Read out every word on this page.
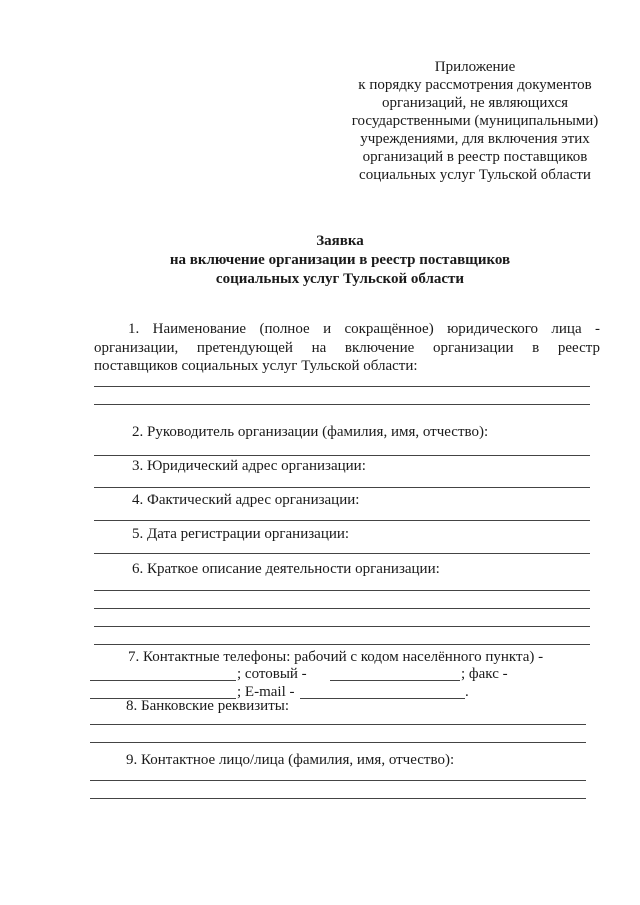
Приложение
к порядку рассмотрения документов
организаций, не являющихся
государственными (муниципальными)
учреждениями, для включения этих
организаций в реестр поставщиков
социальных услуг Тульской области
Заявка
на включение организации в реестр поставщиков
социальных услуг Тульской области
1. Наименование (полное и сокращённое) юридического лица -
организации, претендующей на включение организации в реестр
поставщиков социальных услуг Тульской области:
2. Руководитель организации (фамилия, имя, отчество):
3. Юридический адрес организации:
4. Фактический адрес организации:
5. Дата регистрации организации:
6. Краткое описание деятельности организации:
7. Контактные телефоны: рабочий с кодом населённого пункта) -
; сотовый -	; факс -
; E-mail -	.
8. Банковские реквизиты:
9. Контактное лицо/лица (фамилия, имя, отчество):
